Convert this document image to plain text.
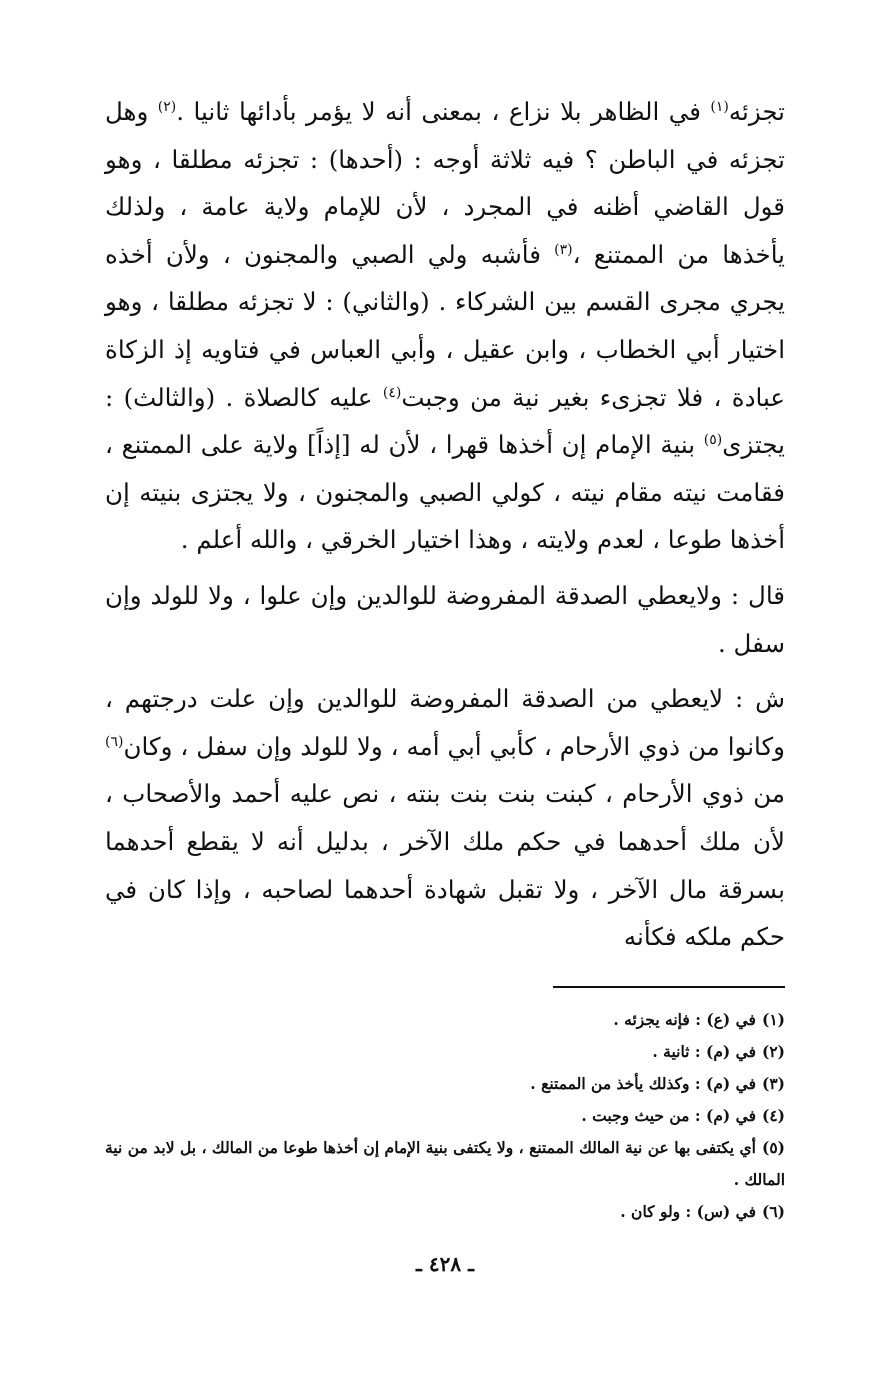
تجزئه$^{(١)}$ في الظاهر بلا نزاع ، بمعنى أنه لا يؤمر بأدائها ثانيا .$^{(٢)}$ وهل تجزئه في الباطن ؟ فيه ثلاثة أوجه : (أحدها) : تجزئه مطلقا ، وهو قول القاضي أظنه في المجرد ، لأن للإمام ولاية عامة ، ولذلك يأخذها من الممتنع ،$^{(٣)}$ فأشبه ولي الصبي والمجنون ، ولأن أخذه يجري مجرى القسم بين الشركاء . (والثاني) : لا تجزئه مطلقا ، وهو اختيار أبي الخطاب ، وابن عقيل ، وأبي العباس في فتاويه إذ الزكاة عبادة ، فلا تجزىء بغير نية من وجبت$^{(٤)}$ عليه كالصلاة . (والثالث) : يجتزى$^{(٥)}$ بنية الإمام إن أخذها قهرا ، لأن له [إذاً] ولاية على الممتنع ، فقامت نيته مقام نيته ، كولي الصبي والمجنون ، ولا يجتزى بنيته إن أخذها طوعا ، لعدم ولايته ، وهذا اختيار الخرقي ، والله أعلم .

قال : ولايعطي الصدقة المفروضة للوالدين وإن علوا ، ولا للولد وإن سفل .

ش : لايعطي من الصدقة المفروضة للوالدين وإن علت درجتهم ، وكانوا من ذوي الأرحام ، كأبي أبي أمه ، ولا للولد وإن سفل ، وكان$^{(٦)}$ من ذوي الأرحام ، كبنت بنت بنت بنته ، نص عليه أحمد والأصحاب ، لأن ملك أحدهما في حكم ملك الآخر ، بدليل أنه لا يقطع أحدهما بسرقة مال الآخر ، ولا تقبل شهادة أحدهما لصاحبه ، وإذا كان في حكم ملكه فكأنه

(١)في (ع) : فإنه يجزئه .
(٢)في (م) : ثانية .
(٣)في (م) : وكذلك يأخذ من الممتنع .
(٤)في (م) : من حيث وجبت .
(٥)أي يكتفى بها عن نية المالك الممتنع ، ولا يكتفى بنية الإمام إن أخذها طوعا من المالك ، بل لابد من نية المالك .
(٦)في (س) : ولو كان .
ـ ٤٢٨ ـ
